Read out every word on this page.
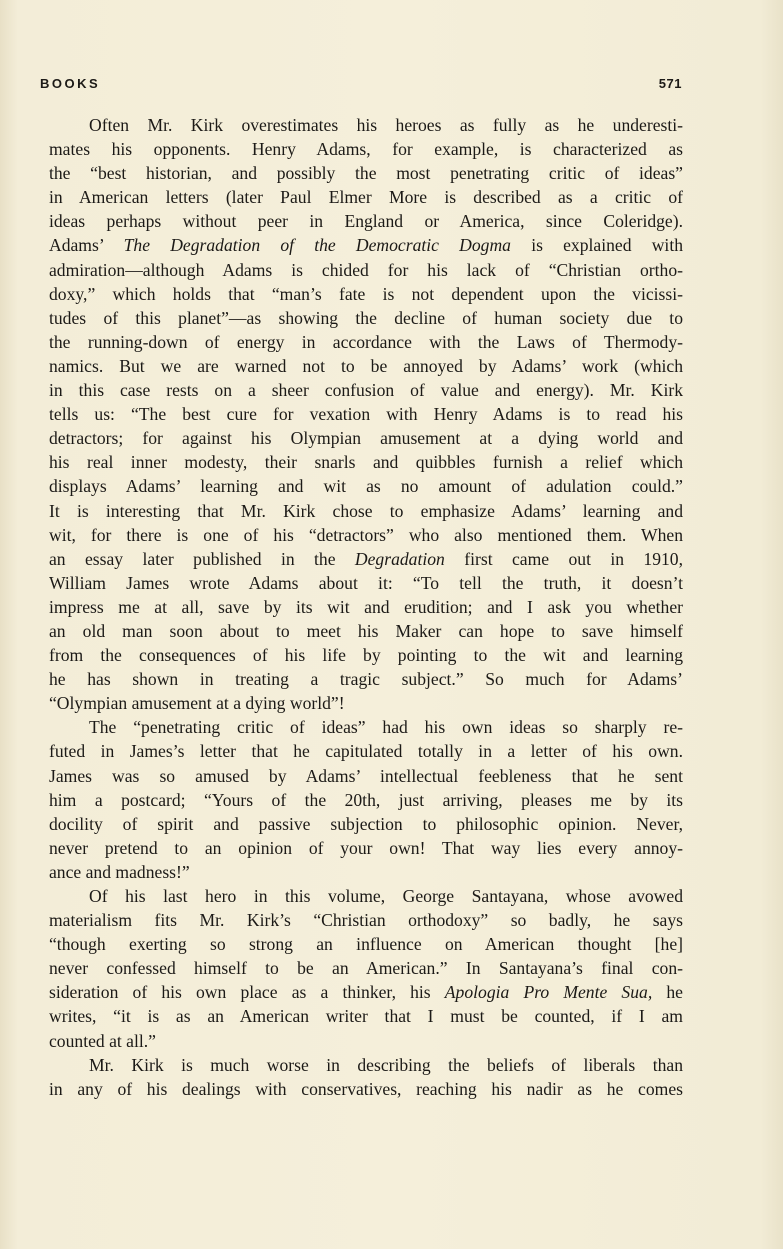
BOOKS	571
Often Mr. Kirk overestimates his heroes as fully as he underesti-
mates his opponents. Henry Adams, for example, is characterized as
the “best historian, and possibly the most penetrating critic of ideas”
in American letters (later Paul Elmer More is described as a critic of
ideas perhaps without peer in England or America, since Coleridge).
Adams’ The Degradation of the Democratic Dogma is explained with
admiration—although Adams is chided for his lack of “Christian ortho-
doxy,” which holds that “man’s fate is not dependent upon the vicissi-
tudes of this planet”—as showing the decline of human society due to
the running-down of energy in accordance with the Laws of Thermody-
namics. But we are warned not to be annoyed by Adams’ work (which
in this case rests on a sheer confusion of value and energy). Mr. Kirk
tells us: “The best cure for vexation with Henry Adams is to read his
detractors; for against his Olympian amusement at a dying world and
his real inner modesty, their snarls and quibbles furnish a relief which
displays Adams’ learning and wit as no amount of adulation could.”
It is interesting that Mr. Kirk chose to emphasize Adams’ learning and
wit, for there is one of his “detractors” who also mentioned them. When
an essay later published in the Degradation first came out in 1910,
William James wrote Adams about it: “To tell the truth, it doesn’t
impress me at all, save by its wit and erudition; and I ask you whether
an old man soon about to meet his Maker can hope to save himself
from the consequences of his life by pointing to the wit and learning
he has shown in treating a tragic subject.” So much for Adams’
“Olympian amusement at a dying world”!
The “penetrating critic of ideas” had his own ideas so sharply re-
futed in James’s letter that he capitulated totally in a letter of his own.
James was so amused by Adams’ intellectual feebleness that he sent
him a postcard; “Yours of the 20th, just arriving, pleases me by its
docility of spirit and passive subjection to philosophic opinion. Never,
never pretend to an opinion of your own! That way lies every annoy-
ance and madness!”
Of his last hero in this volume, George Santayana, whose avowed
materialism fits Mr. Kirk’s “Christian orthodoxy” so badly, he says
“though exerting so strong an influence on American thought [he]
never confessed himself to be an American.” In Santayana’s final con-
sideration of his own place as a thinker, his Apologia Pro Mente Sua, he
writes, “it is as an American writer that I must be counted, if I am
counted at all.”
Mr. Kirk is much worse in describing the beliefs of liberals than
in any of his dealings with conservatives, reaching his nadir as he comes
